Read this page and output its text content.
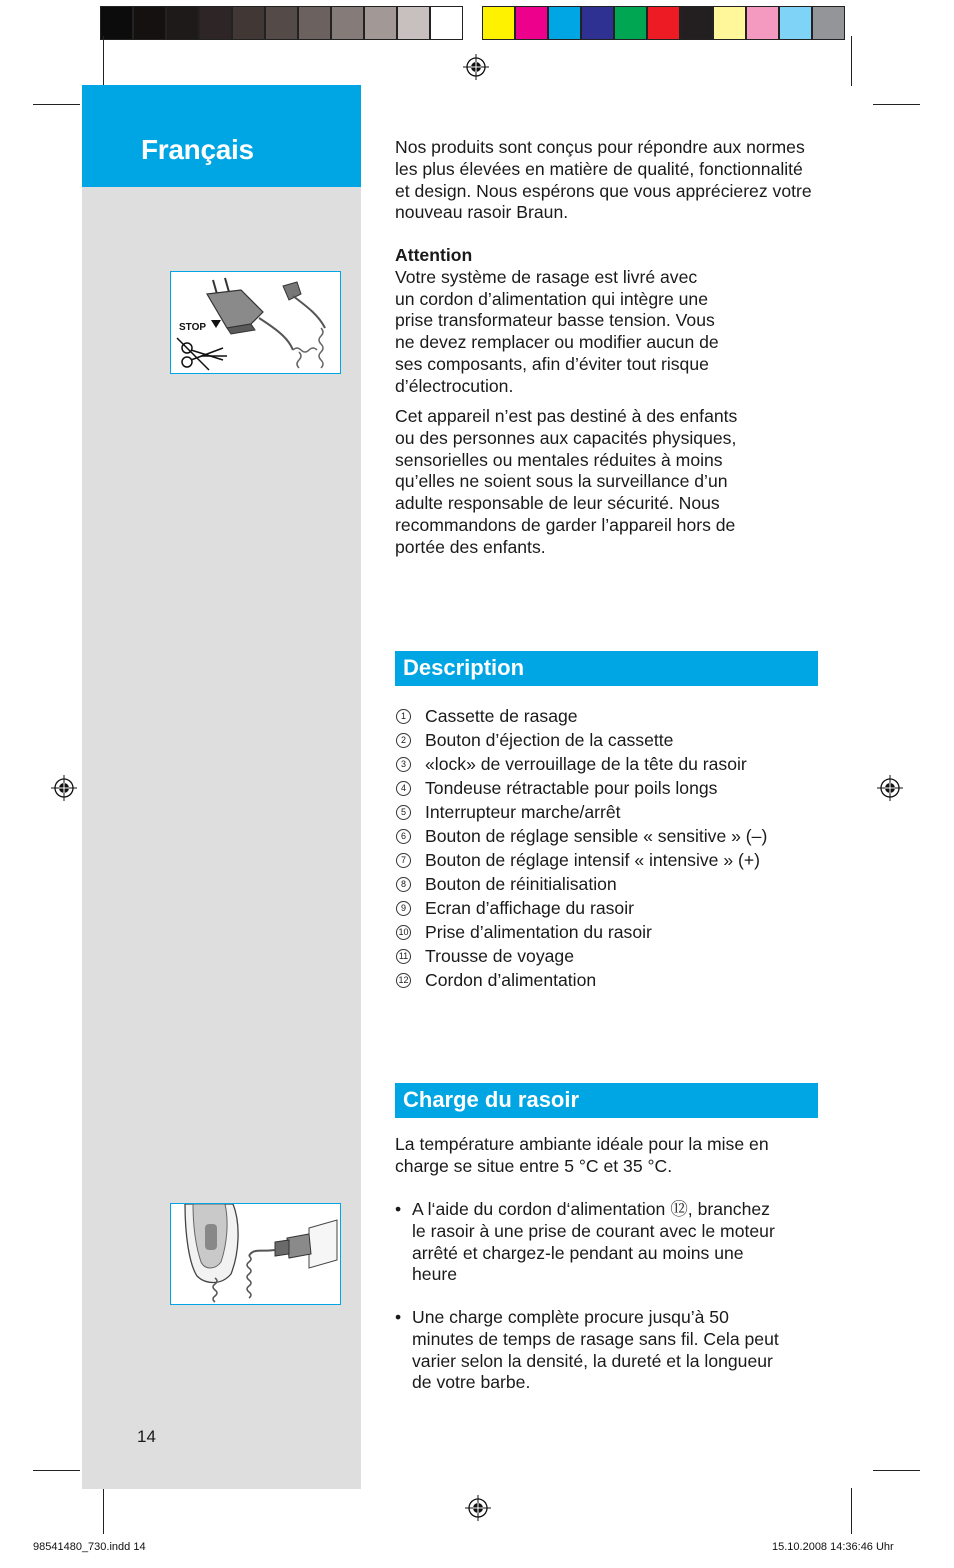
Français
STOP
Nos produits sont conçus pour répondre aux normes les plus élevées en matière de qualité, fonctionnalité et design. Nous espérons que vous apprécierez votre nouveau rasoir Braun.
Attention
Votre système de rasage est livré avec
un cordon d’alimentation qui intègre une
prise transformateur basse tension. Vous
ne devez remplacer ou modifier aucun de
ses composants, afin d’éviter tout risque
d’électrocution.
Cet appareil n’est pas destiné à des enfants
ou des personnes aux capacités physiques,
sensorielles ou mentales réduites à moins
qu’elles ne soient sous la surveillance d’un
adulte responsable de leur sécurité. Nous
recommandons de garder l’appareil hors de
portée des enfants.
Description
1 Cassette de rasage
2 Bouton d’éjection de la cassette
3 «lock» de verrouillage de la tête du rasoir
4 Tondeuse rétractable pour poils longs
5 Interrupteur marche/arrêt
6 Bouton de réglage sensible « sensitive » (–)
7 Bouton de réglage intensif « intensive » (+)
8 Bouton de réinitialisation
9 Ecran d’affichage du rasoir
10 Prise d’alimentation du rasoir
11 Trousse de voyage
12 Cordon d’alimentation
Charge du rasoir
La température ambiante idéale pour la mise en
charge se situe entre 5 °C et 35 °C.
• A l‘aide du cordon d‘alimentation ⑫, branchez
le rasoir à une prise de courant avec le moteur
arrêté et chargez-le pendant au moins une
heure
• Une charge complète procure jusqu’à 50
minutes de temps de rasage sans fil. Cela peut
varier selon la densité, la dureté et la longueur
de votre barbe.
14
98541480_730.indd 14	15.10.2008 14:36:46 Uhr
